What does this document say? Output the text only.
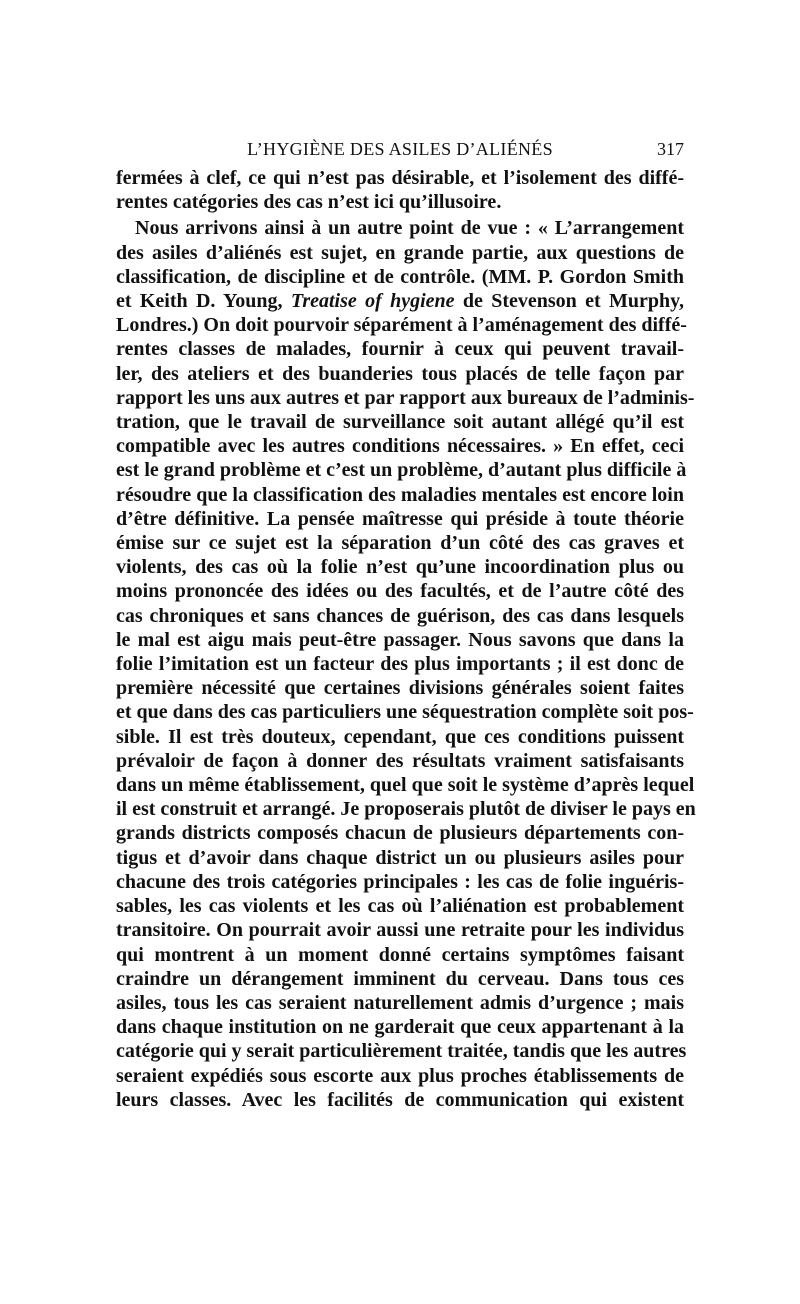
L’HYGIÈNE DES ASILES D’ALIÉNÉS	317
fermées à clef, ce qui n’est pas désirable, et l’isolement des diffé-
rentes catégories des cas n’est ici qu’illusoire.
Nous arrivons ainsi à un autre point de vue : « L’arrangement
des asiles d’aliénés est sujet, en grande partie, aux questions de
classification, de discipline et de contrôle. (MM. P. Gordon Smith
et Keith D. Young, Treatise of hygiene de Stevenson et Murphy,
Londres.) On doit pourvoir séparément à l’aménagement des diffé-
rentes classes de malades, fournir à ceux qui peuvent travail-
ler, des ateliers et des buanderies tous placés de telle façon par
rapport les uns aux autres et par rapport aux bureaux de l’adminis-
tration, que le travail de surveillance soit autant allégé qu’il est
compatible avec les autres conditions nécessaires. » En effet, ceci
est le grand problème et c’est un problème, d’autant plus difficile à
résoudre que la classification des maladies mentales est encore loin
d’être définitive. La pensée maîtresse qui préside à toute théorie
émise sur ce sujet est la séparation d’un côté des cas graves et
violents, des cas où la folie n’est qu’une incoordination plus ou
moins prononcée des idées ou des facultés, et de l’autre côté des
cas chroniques et sans chances de guérison, des cas dans lesquels
le mal est aigu mais peut-être passager. Nous savons que dans la
folie l’imitation est un facteur des plus importants ; il est donc de
première nécessité que certaines divisions générales soient faites
et que dans des cas particuliers une séquestration complète soit pos-
sible. Il est très douteux, cependant, que ces conditions puissent
prévaloir de façon à donner des résultats vraiment satisfaisants
dans un même établissement, quel que soit le système d’après lequel
il est construit et arrangé. Je proposerais plutôt de diviser le pays en
grands districts composés chacun de plusieurs départements con-
tigus et d’avoir dans chaque district un ou plusieurs asiles pour
chacune des trois catégories principales : les cas de folie inguéris-
sables, les cas violents et les cas où l’aliénation est probablement
transitoire. On pourrait avoir aussi une retraite pour les individus
qui montrent à un moment donné certains symptômes faisant
craindre un dérangement imminent du cerveau. Dans tous ces
asiles, tous les cas seraient naturellement admis d’urgence ; mais
dans chaque institution on ne garderait que ceux appartenant à la
catégorie qui y serait particulièrement traitée, tandis que les autres
seraient expédiés sous escorte aux plus proches établissements de
leurs classes. Avec les facilités de communication qui existent
